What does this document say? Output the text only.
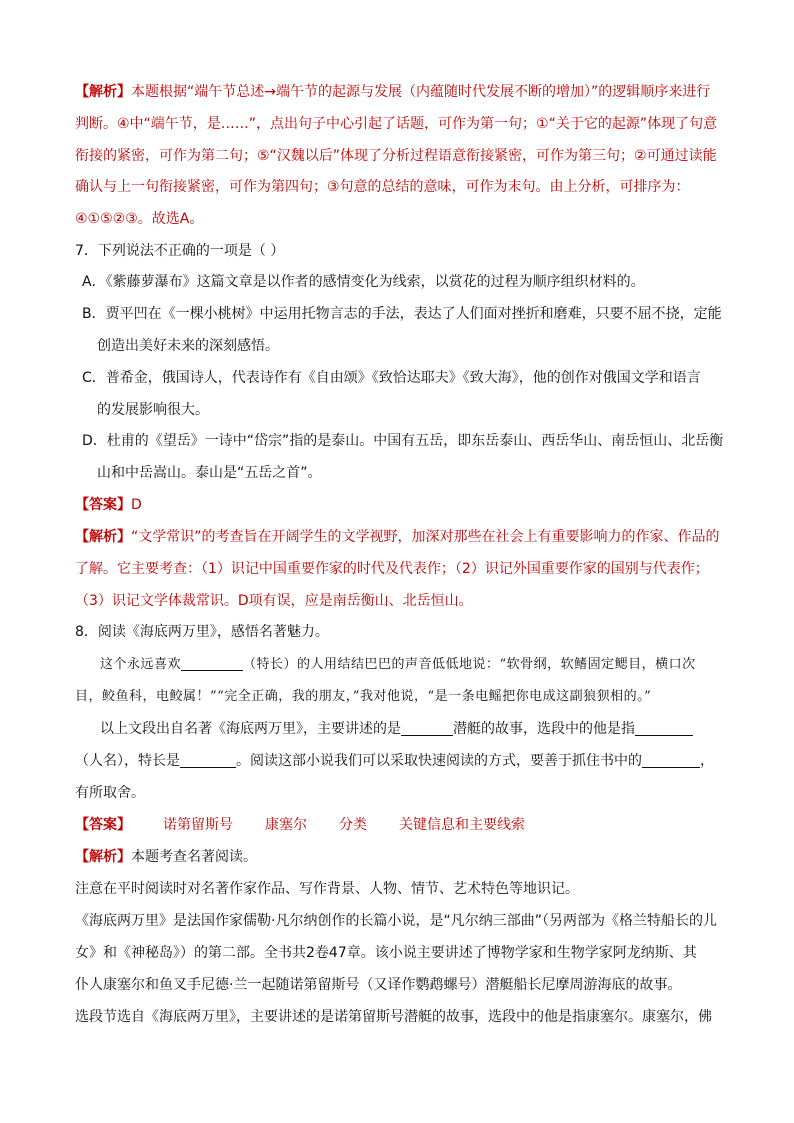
【解析】本题根据“端午节总述→端午节的起源与发展（内蕴随时代发展不断的增加）”的逻辑顺序来进行
判断。④中“端午节，是……”，点出句子中心引起了话题，可作为第一句；①“关于它的起源”体现了句意
衔接的紧密，可作为第二句；⑤“汉魏以后”体现了分析过程语意衔接紧密，可作为第三句；②可通过读能
确认与上一句衔接紧密，可作为第四句；③句意的总结的意味，可作为末句。由上分析，可排序为：
④①⑤②③。故选A。
7．下列说法不正确的一项是（ ）
A．《紫藤萝瀑布》这篇文章是以作者的感情变化为线索，以赏花的过程为顺序组织材料的。
B．贾平凹在《一棵小桃树》中运用托物言志的手法，表达了人们面对挫折和磨难，只要不屈不挠，定能
创造出美好未来的深刻感悟。
C．普希金，俄国诗人，代表诗作有《自由颂》《致恰达耶夫》《致大海》，他的创作对俄国文学和语言
的发展影响很大。
D．杜甫的《望岳》一诗中“岱宗”指的是泰山。中国有五岳，即东岳泰山、西岳华山、南岳恒山、北岳衡
山和中岳嵩山。泰山是“五岳之首”。
【答案】D
【解析】“文学常识”的考查旨在开阔学生的文学视野，加深对那些在社会上有重要影响力的作家、作品的
了解。它主要考查：（1）识记中国重要作家的时代及代表作；（2）识记外国重要作家的国别与代表作；
（3）识记文学体裁常识。D项有误，应是南岳衡山、北岳恒山。
8．阅读《海底两万里》，感悟名著魅力。
这个永远喜欢	（特长）的人用结结巴巴的声音低低地说：“软骨纲，软鳍固定鳃目，横口次
目，鲛鱼科，电鲛属！”“完全正确，我的朋友，”我对他说，“是一条电鳐把你电成这副狼狈相的。”
以上文段出自名著《海底两万里》，主要讲述的是	潜艇的故事，选段中的他是指
（人名），特长是	。阅读这部小说我们可以采取快速阅读的方式，要善于抓住书中的	，
有所取舍。
【答案】 诺第留斯号 康塞尔 分类 关键信息和主要线索
【解析】本题考查名著阅读。
注意在平时阅读时对名著作家作品、写作背景、人物、情节、艺术特色等地识记。
《海底两万里》是法国作家儒勒·凡尔纳创作的长篇小说，是“凡尔纳三部曲”（另两部为《格兰特船长的儿
女》和《神秘岛》）的第二部。全书共2卷47章。该小说主要讲述了博物学家和生物学家阿龙纳斯、其
仆人康塞尔和鱼叉手尼德·兰一起随诺第留斯号（又译作鹦鹉螺号）潜艇船长尼摩周游海底的故事。
选段节选自《海底两万里》，主要讲述的是诺第留斯号潜艇的故事，选段中的他是指康塞尔。康塞尔，佛
